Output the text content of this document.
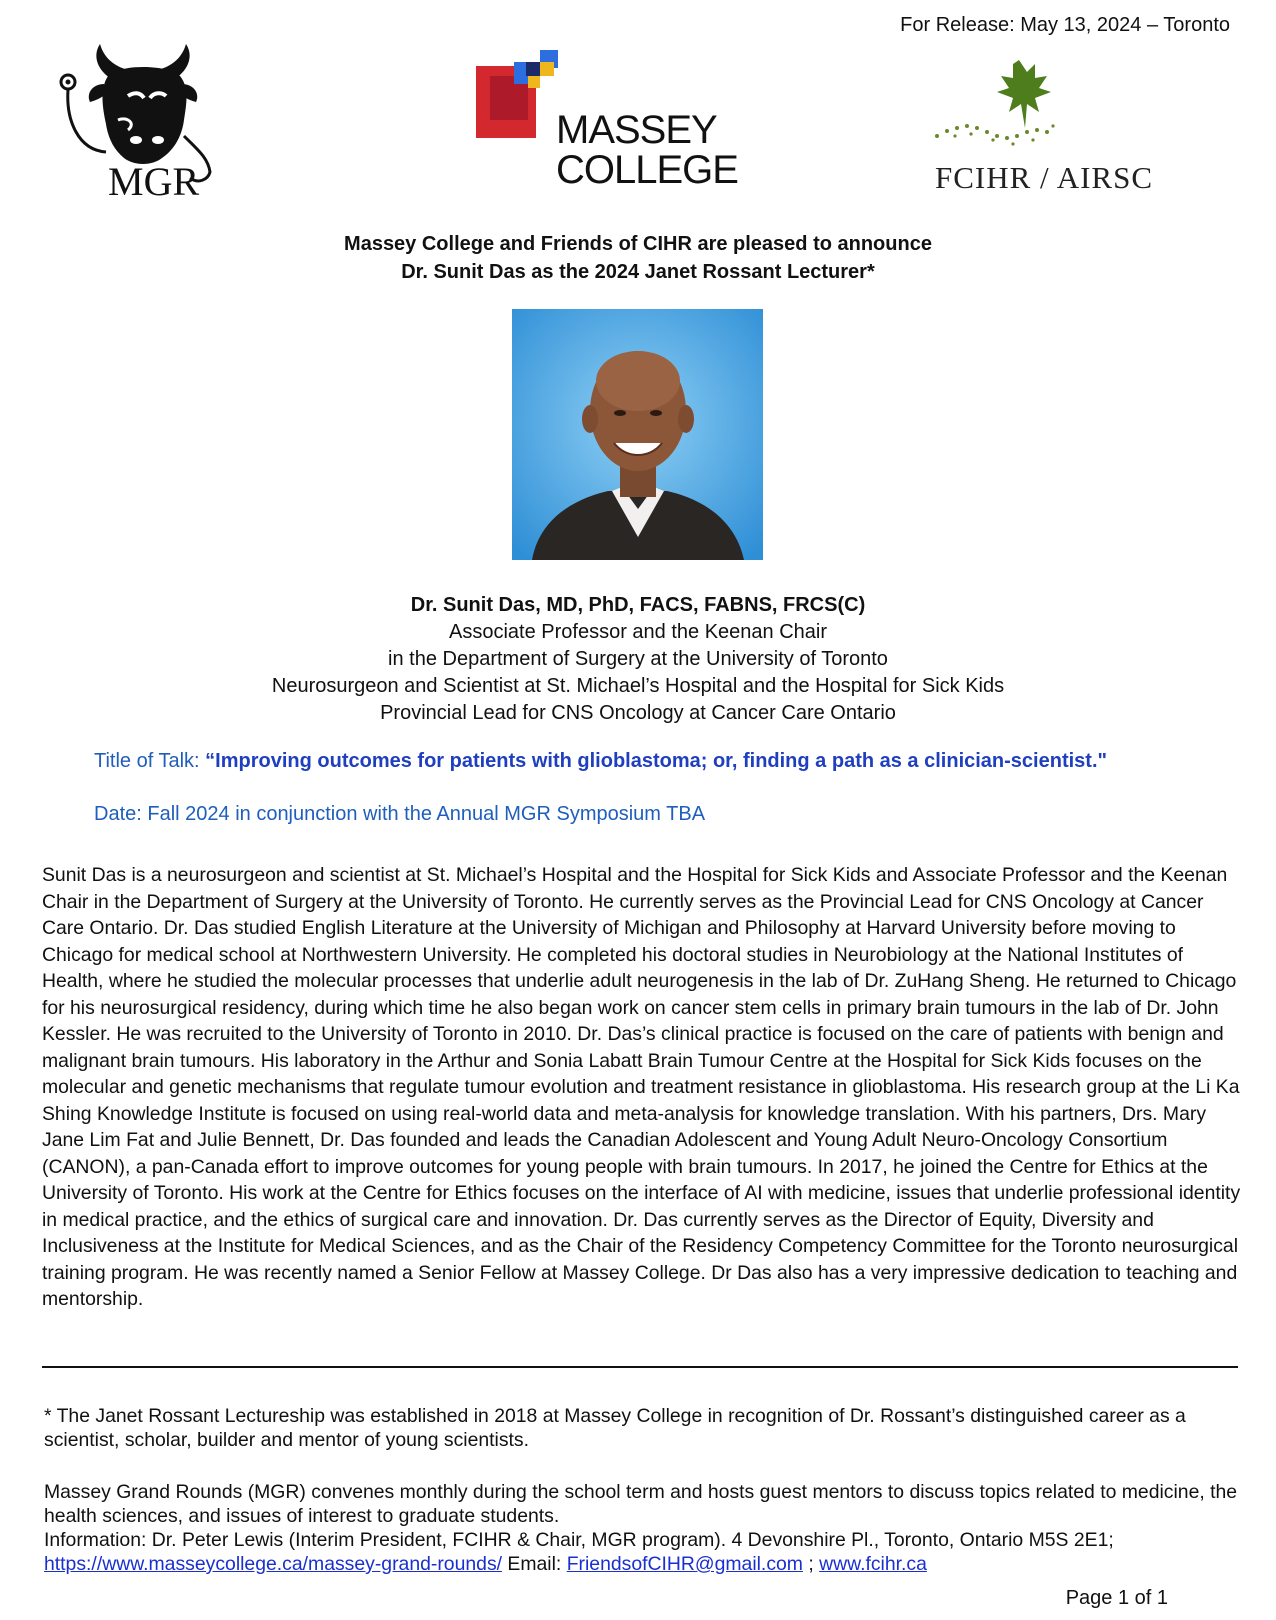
For Release: May 13, 2024 – Toronto
MGR
MASSEY
COLLEGE	FCIHR / AIRSC
Massey College and Friends of CIHR are pleased to announce
Dr. Sunit Das as the 2024 Janet Rossant Lecturer*
Dr. Sunit Das, MD, PhD, FACS, FABNS, FRCS(C)
Associate Professor and the Keenan Chair
in the Department of Surgery at the University of Toronto
Neurosurgeon and Scientist at St. Michael’s Hospital and the Hospital for Sick Kids
Provincial Lead for CNS Oncology at Cancer Care Ontario
Title of Talk: “Improving outcomes for patients with glioblastoma; or, finding a path as a clinician-scientist."
Date: Fall 2024 in conjunction with the Annual MGR Symposium TBA

Sunit Das is a neurosurgeon and scientist at St. Michael’s Hospital and the Hospital for Sick Kids and Associate Professor and the Keenan Chair in the Department of Surgery at the University of Toronto. He currently serves as the Provincial Lead for CNS Oncology at Cancer Care Ontario. Dr. Das studied English Literature at the University of Michigan and Philosophy at Harvard University before moving to Chicago for medical school at Northwestern University. He completed his doctoral studies in Neurobiology at the National Institutes of Health, where he studied the molecular processes that underlie adult neurogenesis in the lab of Dr. ZuHang Sheng. He returned to Chicago for his neurosurgical residency, during which time he also began work on cancer stem cells in primary brain tumours in the lab of Dr. John Kessler. He was recruited to the University of Toronto in 2010. Dr. Das’s clinical practice is focused on the care of patients with benign and malignant brain tumours. His laboratory in the Arthur and Sonia Labatt Brain Tumour Centre at the Hospital for Sick Kids focuses on the molecular and genetic mechanisms that regulate tumour evolution and treatment resistance in glioblastoma. His research group at the Li Ka Shing Knowledge Institute is focused on using real-world data and meta-analysis for knowledge translation. With his partners, Drs. Mary Jane Lim Fat and Julie Bennett, Dr. Das founded and leads the Canadian Adolescent and Young Adult Neuro-Oncology Consortium (CANON), a pan-Canada effort to improve outcomes for young people with brain tumours. In 2017, he joined the Centre for Ethics at the University of Toronto. His work at the Centre for Ethics focuses on the interface of AI with medicine, issues that underlie professional identity in medical practice, and the ethics of surgical care and innovation. Dr. Das currently serves as the Director of Equity, Diversity and Inclusiveness at the Institute for Medical Sciences, and as the Chair of the Residency Competency Committee for the Toronto neurosurgical training program. He was recently named a Senior Fellow at Massey College. Dr Das also has a very impressive dedication to teaching and mentorship.

* The Janet Rossant Lectureship was established in 2018 at Massey College in recognition of Dr. Rossant’s distinguished career as a scientist, scholar, builder and mentor of young scientists.

Massey Grand Rounds (MGR) convenes monthly during the school term and hosts guest mentors to discuss topics related to medicine, the health sciences, and issues of interest to graduate students.
Information: Dr. Peter Lewis (Interim President, FCIHR & Chair, MGR program). 4 Devonshire Pl., Toronto, Ontario M5S 2E1; https://www.masseycollege.ca/massey-grand-rounds/ Email: FriendsofCIHR@gmail.com ; www.fcihr.ca
Page 1 of 1
